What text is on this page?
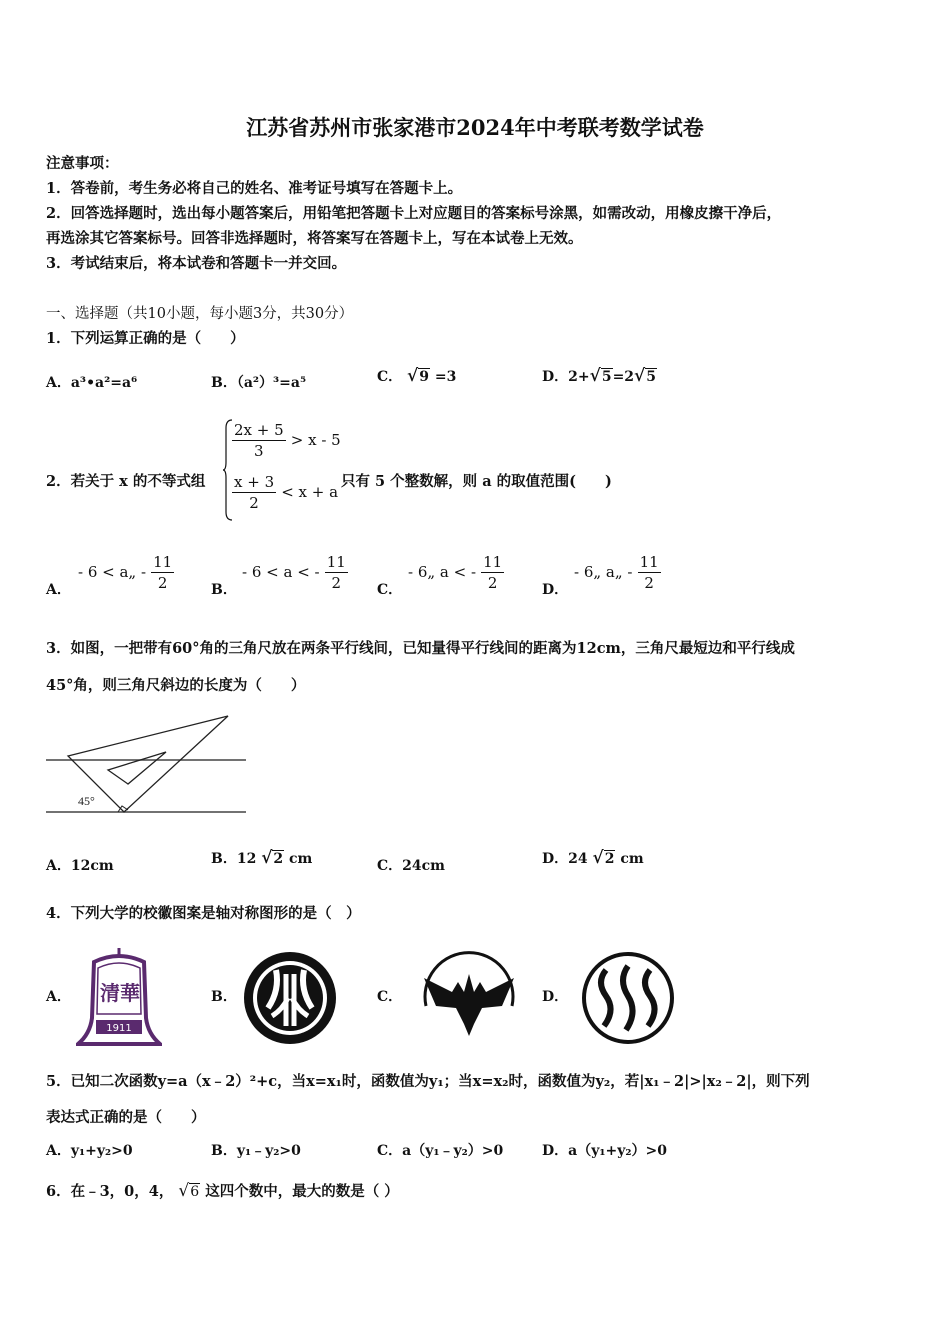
江苏省苏州市张家港市2024年中考联考数学试卷
注意事项：
1．答卷前，考生务必将自己的姓名、准考证号填写在答题卡上。
2．回答选择题时，选出每小题答案后，用铅笔把答题卡上对应题目的答案标号涂黑，如需改动，用橡皮擦干净后，
再选涂其它答案标号。回答非选择题时，将答案写在答题卡上，写在本试卷上无效。
3．考试结束后，将本试卷和答题卡一并交回。
一、选择题（共10小题，每小题3分，共30分）
1．下列运算正确的是（　　）
A．a³•a²=a⁶	B．（a²）³=a⁵	C． √9 =3	D．2+√5=2√5
2．若关于 x 的不等式组
$\frac{2x + 5}{3} > x - 5$
$\frac{x + 3}{2} < x + a$
只有 5 个整数解，则 a 的取值范围(　　)
A．
- 6 < a„ - $\frac{11}{2}$	B．
- 6 < a < - $\frac{11}{2}$ C．
- 6„ a < - $\frac{11}{2}$	D．
- 6„ a„ - $\frac{11}{2}$
3．如图，一把带有60°角的三角尺放在两条平行线间，已知量得平行线间的距离为12cm，三角尺最短边和平行线成
45°角，则三角尺斜边的长度为（　　）
45°
A．12cm	B．12 √2 cm	C．24cm	D．24 √2 cm
4．下列大学的校徽图案是轴对称图形的是（　）
A． 清華
1911
B．	C．	D．
5．已知二次函数y=a（x﹣2）²+c，当x=x₁时，函数值为y₁；当x=x₂时，函数值为y₂，若|x₁﹣2|>|x₂﹣2|，则下列
表达式正确的是（　　）
A．y₁+y₂>0	B．y₁﹣y₂>0	C．a（y₁﹣y₂）>0	D．a（y₁+y₂）>0
6．在﹣3，0，4， √6 这四个数中，最大的数是（ ）
